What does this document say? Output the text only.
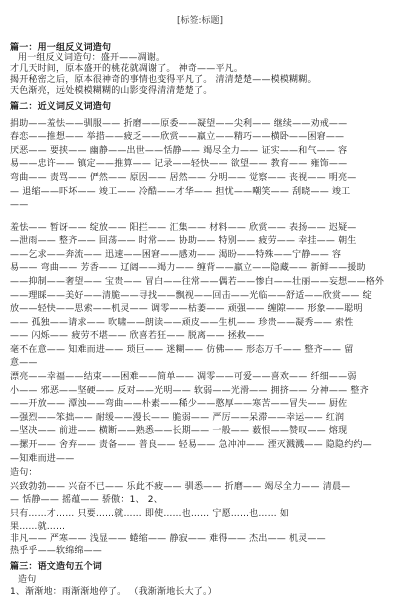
[标签:标题]
篇一：用一组反义词造句
用一组反义词造句：盛开——凋谢。
才几天时间，原本盛开的桃花就凋谢了。 神奇——平凡。
揭开秘密之后，原本很神奇的事情也变得平凡了。 清清楚楚——模模糊糊。
天色渐亮，远处模模糊糊的山影变得清清楚楚了。
篇二：近义词反义词造句
捐助——羞怯——驯服—— 折磨——原委——凝望——尖利—— 继续——劝戒——
春恋——推想—— 举措——疲乏——欣赏——羸立——精巧——横卧——困窘——
厌恶—— 要挟—— 幽静——出世——恬静—— 竭尽全力—— 证实——和气—— 容
易——忠许—— 镇定——推算—— 记录——轻快—— 欲望—— 教育—— 雍饰——
弯曲—— 责骂—— 俨然—— 原因—— 居然—— 分明—— 觉察—— 丧视—— 明亮—
— 退缩——吓坏—— 竣工—— 冷酷——才华—— 担忧——嘲笑—— 刮晓—— 竣工
——
羞怯—— 暂讶—— 绽放—— 阳拦—— 汇集—— 材料—— 欣赏—— 表扬—— 迟疑—
—泄雨—— 整齐—— 回荡—— 时常—— 协助—— 特别—— 疲劳—— 幸挂—— 朝生
——乞求——奔流—— 迅速——困窘——感劝—— 渴盼——特殊——宁静—— 容
易—— 弯曲—— 芳香—— 辽阔——竭力—— 缠背——羸立——隐藏—— 新鲜——援助
——抑制——奢望—— 宝贵—— 冒白——往常——偶若——惨白——壮丽——妄想——格外
——理睬——美好——清脆——寻找——飘视——回击——光临——舒适——欣赏—— 绽
放——轻快——思索——机灵—— 调零——枯萎—— 顽强—— 缠隙—— 形象——聪明
—— 孤独——请求—— 吹啸——朗读——顽皮——生机—— 珍贵——凝秀—— 索性
—— 闪烁—— 疲劳不堪—— 欣喜若狂—— 脱离—— 拯救——
毫不在意—— 知难而进—— 琐巨—— 迷糊—— 仿佛—— 形态万千—— 整齐—— 留
意——
漂亮——幸福——结束——困难——简单—— 凋零——可爱——喜欢—— 纤细——弱
小—— 邪恶——坚硬—— 反对——光明—— 软弱——光滑—— 拥挤—— 分神—— 整齐
——开放—— 潭浊——弯曲——朴素——稀少——憨厚——寒苦——冒失—— 厨佐
—强烈——笨拙—— 耐缓——漫长—— 脆弱—— 严厉——呆滞——幸运—— 红润
—坚决—— 前进—— 横断——熟悉——长期—— 一般—— 薮恨——赞叹—— 熔现
—摞开—— 舍弃—— 责备—— 普良—— 轻易—— 急冲冲—— 湮灭溅溅—— 隐隐约约—
—知难而进——
造句：
兴致勃勃—— 兴奋不已—— 乐此不疲—— 驯悉—— 折磨—— 竭尽全力—— 清晨—
— 恬静—— 摇蕴—— 骄傲：1、 2、
只有……才…… 只要……就…… 即使……也…… 宁愿……也…… 如
果……就……
非凡—— 严寒—— 浅显—— 蜷缩—— 静寂—— 难得—— 杰出—— 机灵——
热乎乎——软绵绵——
篇三：语文造句五个词
造句
1、渐渐地：雨渐渐地停了。 （我渐渐地长大了。）
